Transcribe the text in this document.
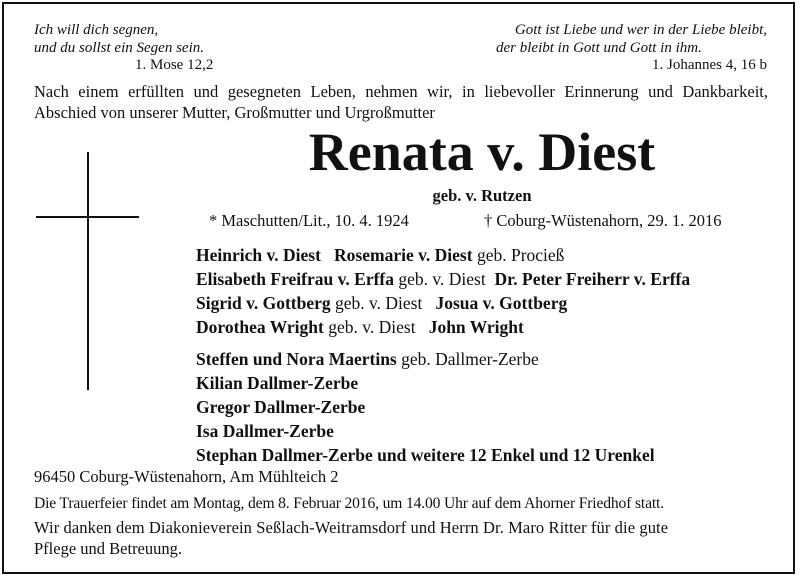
Ich will dich segnen,
und du sollst ein Segen sein.
1. Mose 12,2
Gott ist Liebe und wer in der Liebe bleibt,
der bleibt in Gott und Gott in ihm.
1. Johannes 4, 16 b
Nach einem erfüllten und gesegneten Leben, nehmen wir, in liebevoller Erinnerung und Dankbarkeit, Abschied von unserer Mutter, Großmutter und Urgroßmutter
Renata v. Diest
geb. v. Rutzen
* Maschutten/Lit., 10. 4. 1924	† Coburg-Wüstenahorn, 29. 1. 2016
Heinrich v. Diest Rosemarie v. Diest geb. Procieß
Elisabeth Freifrau v. Erffa geb. v. Diest Dr. Peter Freiherr v. Erffa
Sigrid v. Gottberg geb. v. Diest Josua v. Gottberg
Dorothea Wright geb. v. Diest John Wright
Steffen und Nora Maertins geb. Dallmer-Zerbe
Kilian Dallmer-Zerbe
Gregor Dallmer-Zerbe
Isa Dallmer-Zerbe
Stephan Dallmer-Zerbe und weitere 12 Enkel und 12 Urenkel
96450 Coburg-Wüstenahorn, Am Mühlteich 2
Die Trauerfeier findet am Montag, dem 8. Februar 2016, um 14.00 Uhr auf dem Ahorner Friedhof statt.
Wir danken dem Diakonieverein Seßlach-Weitramsdorf und Herrn Dr. Maro Ritter für die gute
Pflege und Betreuung.
